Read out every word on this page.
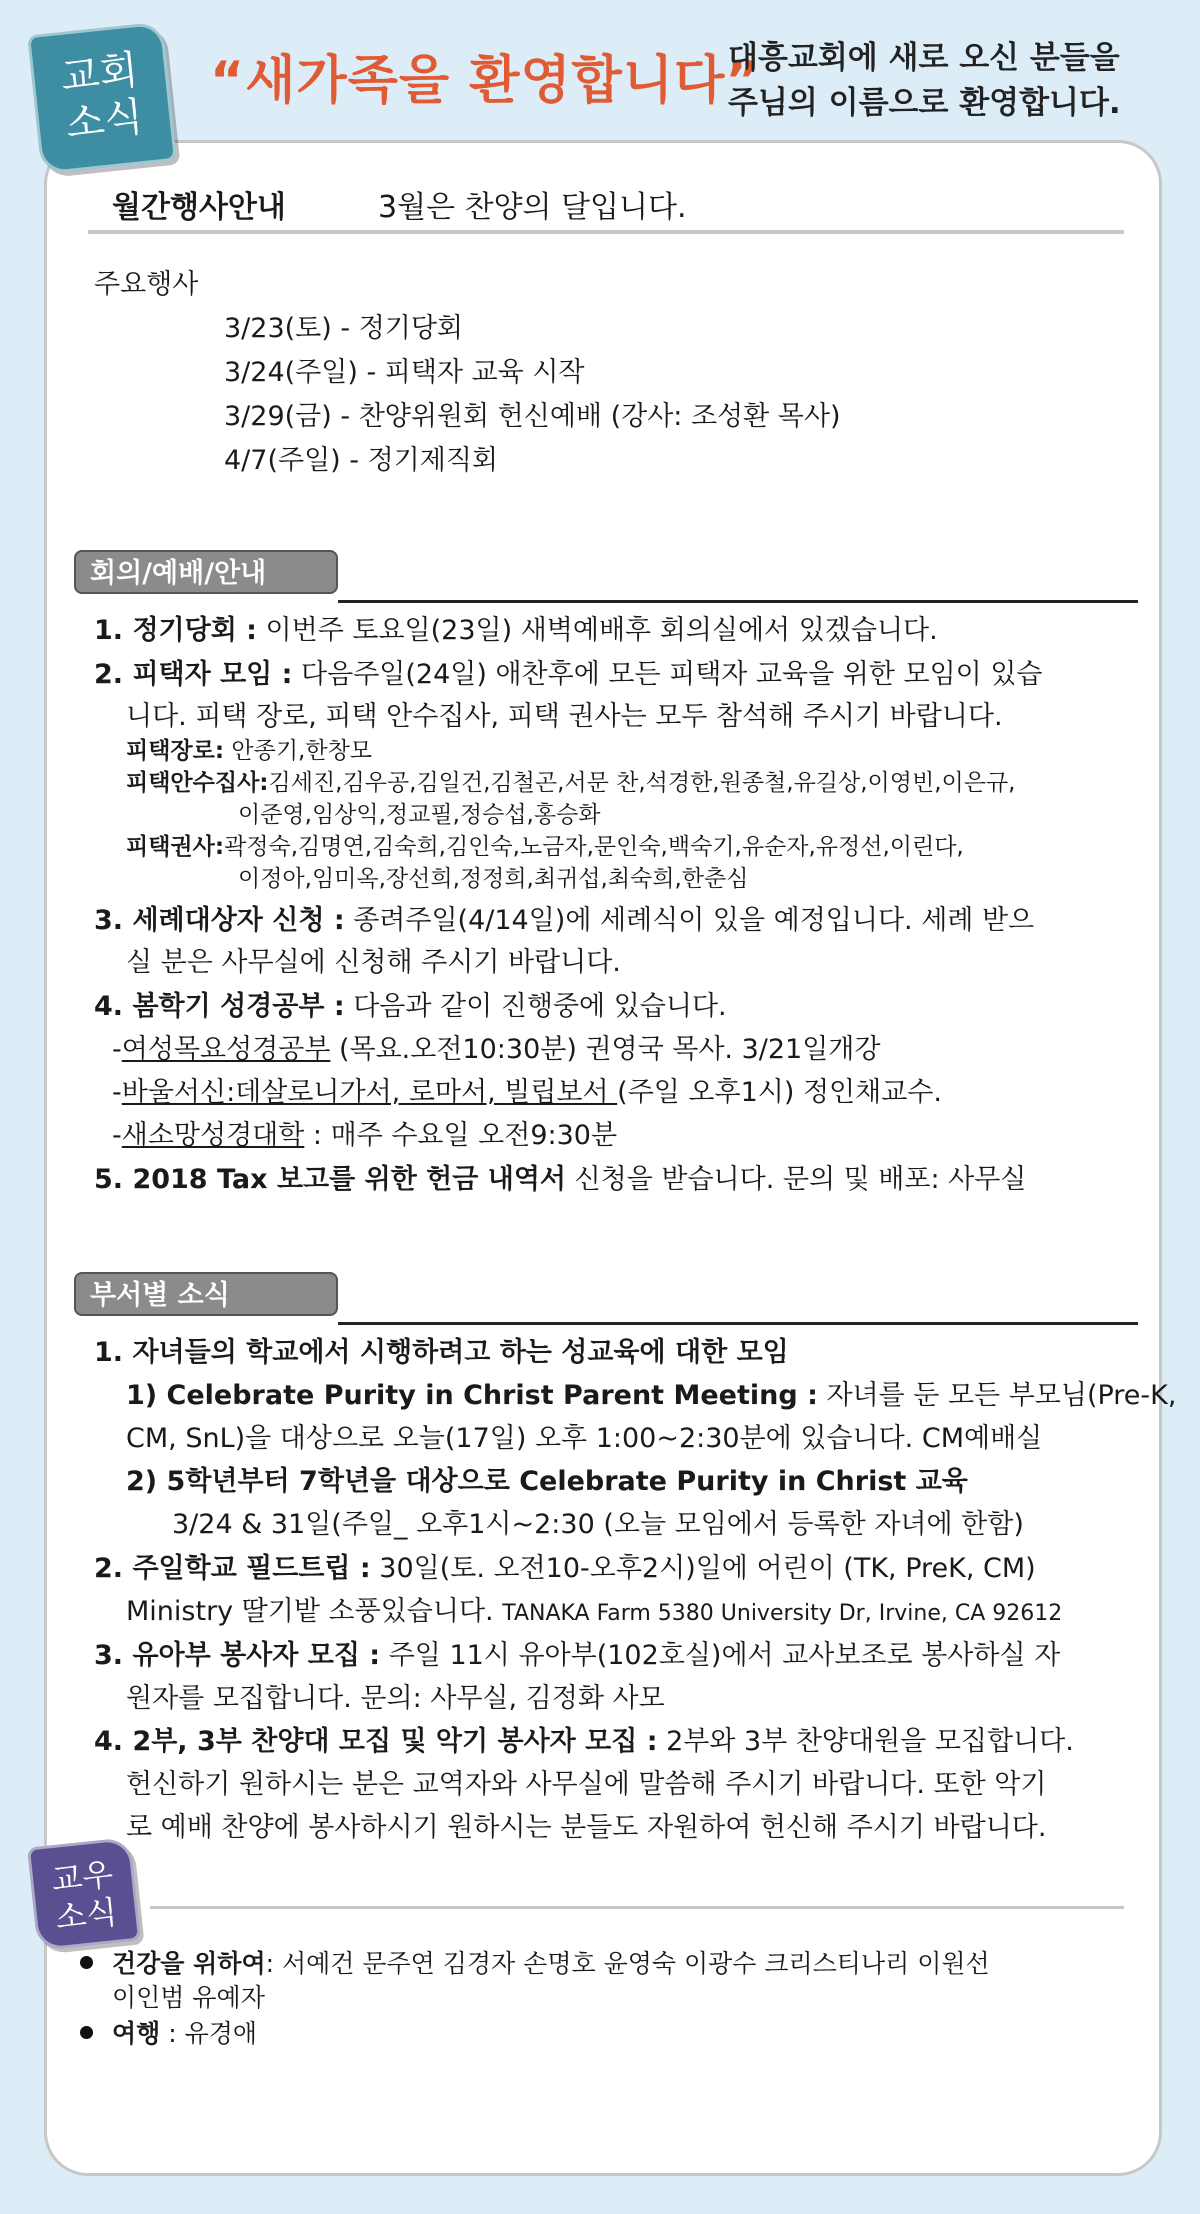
교회
소식
“새가족을 환영합니다”
대흥교회에 새로 오신 분들을
주님의 이름으로 환영합니다.
월간행사안내	3월은 찬양의 달입니다.
주요행사
3/23(토) - 정기당회
3/24(주일) - 피택자 교육 시작
3/29(금) - 찬양위원회 헌신예배 (강사: 조성환 목사)
4/7(주일) - 정기제직회
회의/예배/안내
1. 정기당회 : 이번주 토요일(23일) 새벽예배후 회의실에서 있겠습니다.
2. 피택자 모임 : 다음주일(24일) 애찬후에 모든 피택자 교육을 위한 모임이 있습
니다. 피택 장로, 피택 안수집사, 피택 권사는 모두 참석해 주시기 바랍니다.
피택장로: 안종기,한창모
피택안수집사:김세진,김우공,김일건,김철곤,서문 찬,석경한,원종철,유길상,이영빈,이은규,
이준영,임상익,정교필,정승섭,홍승화
피택권사:곽정숙,김명연,김숙희,김인숙,노금자,문인숙,백숙기,유순자,유정선,이린다,
이정아,임미옥,장선희,정정희,최귀섭,최숙희,한춘심
3. 세례대상자 신청 : 종려주일(4/14일)에 세례식이 있을 예정입니다. 세례 받으
실 분은 사무실에 신청해 주시기 바랍니다.
4. 봄학기 성경공부 : 다음과 같이 진행중에 있습니다.
-여성목요성경공부 (목요.오전10:30분) 권영국 목사. 3/21일개강
-바울서신:데살로니가서, 로마서, 빌립보서 (주일 오후1시) 정인채교수.
-새소망성경대학 : 매주 수요일 오전9:30분
5. 2018 Tax 보고를 위한 헌금 내역서 신청을 받습니다. 문의 및 배포: 사무실
부서별 소식
1. 자녀들의 학교에서 시행하려고 하는 성교육에 대한 모임
1) Celebrate Purity in Christ Parent Meeting : 자녀를 둔 모든 부모님(Pre-K,
CM, SnL)을 대상으로 오늘(17일) 오후 1:00~2:30분에 있습니다. CM예배실
2) 5학년부터 7학년을 대상으로 Celebrate Purity in Christ 교육
3/24 & 31일(주일_ 오후1시~2:30 (오늘 모임에서 등록한 자녀에 한함)
2. 주일학교 필드트립 : 30일(토. 오전10-오후2시)일에 어린이 (TK, PreK, CM)
Ministry 딸기밭 소풍있습니다. TANAKA Farm 5380 University Dr, Irvine, CA 92612
3. 유아부 봉사자 모집 : 주일 11시 유아부(102호실)에서 교사보조로 봉사하실 자
원자를 모집합니다. 문의: 사무실, 김정화 사모
4. 2부, 3부 찬양대 모집 및 악기 봉사자 모집 : 2부와 3부 찬양대원을 모집합니다.
헌신하기 원하시는 분은 교역자와 사무실에 말씀해 주시기 바랍니다. 또한 악기
로 예배 찬양에 봉사하시기 원하시는 분들도 자원하여 헌신해 주시기 바랍니다.
교우
소식
건강을 위하여: 서예건 문주연 김경자 손명호 윤영숙 이광수 크리스티나리 이원선
이인범 유예자
여행 : 유경애
